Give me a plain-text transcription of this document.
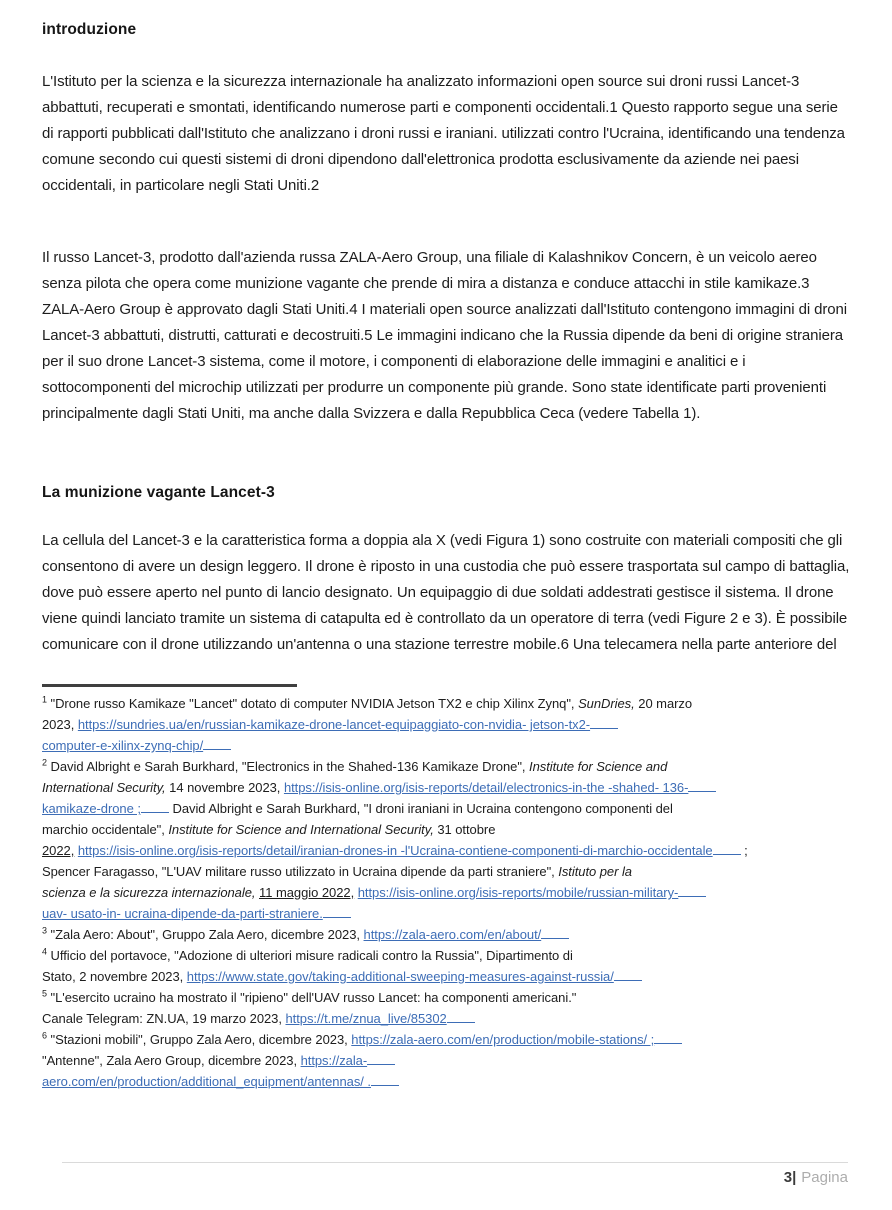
introduzione

L'Istituto per la scienza e la sicurezza internazionale ha analizzato informazioni open source sui droni russi Lancet-3 abbattuti, recuperati e smontati, identificando numerose parti e componenti occidentali.1 Questo rapporto segue una serie di rapporti pubblicati dall'Istituto che analizzano i droni russi e iraniani. utilizzati contro l'Ucraina, identificando una tendenza comune secondo cui questi sistemi di droni dipendono dall'elettronica prodotta esclusivamente da aziende nei paesi occidentali, in particolare negli Stati Uniti.2

Il russo Lancet-3, prodotto dall'azienda russa ZALA-Aero Group, una filiale di Kalashnikov Concern, è un veicolo aereo senza pilota che opera come munizione vagante che prende di mira a distanza e conduce attacchi in stile kamikaze.3 ZALA-Aero Group è approvato dagli Stati Uniti.4 I materiali open source analizzati dall'Istituto contengono immagini di droni Lancet-3 abbattuti, distrutti, catturati e decostruiti.5 Le immagini indicano che la Russia dipende da beni di origine straniera per il suo drone Lancet-3 sistema, come il motore, i componenti di elaborazione delle immagini e analitici e i sottocomponenti del microchip utilizzati per produrre un componente più grande. Sono state identificate parti provenienti principalmente dagli Stati Uniti, ma anche dalla Svizzera e dalla Repubblica Ceca (vedere Tabella 1).

La munizione vagante Lancet-3

La cellula del Lancet-3 e la caratteristica forma a doppia ala X (vedi Figura 1) sono costruite con materiali compositi che gli consentono di avere un design leggero. Il drone è riposto in una custodia che può essere trasportata sul campo di battaglia, dove può essere aperto nel punto di lancio designato. Un equipaggio di due soldati addestrati gestisce il sistema. Il drone viene quindi lanciato tramite un sistema di catapulta ed è controllato da un operatore di terra (vedi Figure 2 e 3). È possibile comunicare con il drone utilizzando un'antenna o una stazione terrestre mobile.6 Una telecamera nella parte anteriore del

$^1$ "Drone russo Kamikaze "Lancet" dotato di computer NVIDIA Jetson TX2 e chip Xilinx Zynq", SunDries, 20 marzo
2023, https://sundries.ua/en/russian-kamikaze-drone-lancet-equipaggiato-con-nvidia- jetson-tx2-
computer-e-xilinx-zynq-chip/
$^2$ David Albright e Sarah Burkhard, "Electronics in the Shahed-136 Kamikaze Drone", Institute for Science and
International Security, 14 novembre 2023, https://isis-online.org/isis-reports/detail/electronics-in-the -shahed- 136-
kamikaze-drone ; David Albright e Sarah Burkhard, "I droni iraniani in Ucraina contengono componenti del
marchio occidentale", Institute for Science and International Security, 31 ottobre
2022, https://isis-online.org/isis-reports/detail/iranian-drones-in -l'Ucraina-contiene-componenti-di-marchio-occidentale ;
Spencer Faragasso, "L'UAV militare russo utilizzato in Ucraina dipende da parti straniere", Istituto per la
scienza e la sicurezza internazionale, 11 maggio 2022, https://isis-online.org/isis-reports/mobile/russian-military-
uav- usato-in- ucraina-dipende-da-parti-straniere.
$^3$ "Zala Aero: About", Gruppo Zala Aero, dicembre 2023, https://zala-aero.com/en/about/
$^4$ Ufficio del portavoce, "Adozione di ulteriori misure radicali contro la Russia", Dipartimento di
Stato, 2 novembre 2023, https://www.state.gov/taking-additional-sweeping-measures-against-russia/
$^5$ "L'esercito ucraino ha mostrato il "ripieno" dell'UAV russo Lancet: ha componenti americani."
Canale Telegram: ZN.UA, 19 marzo 2023, https://t.me/znua_live/85302
$^6$ "Stazioni mobili", Gruppo Zala Aero, dicembre 2023, https://zala-aero.com/en/production/mobile-stations/ ;
"Antenne", Zala Aero Group, dicembre 2023, https://zala-
aero.com/en/production/additional_equipment/antennas/ .
3| Pagina
